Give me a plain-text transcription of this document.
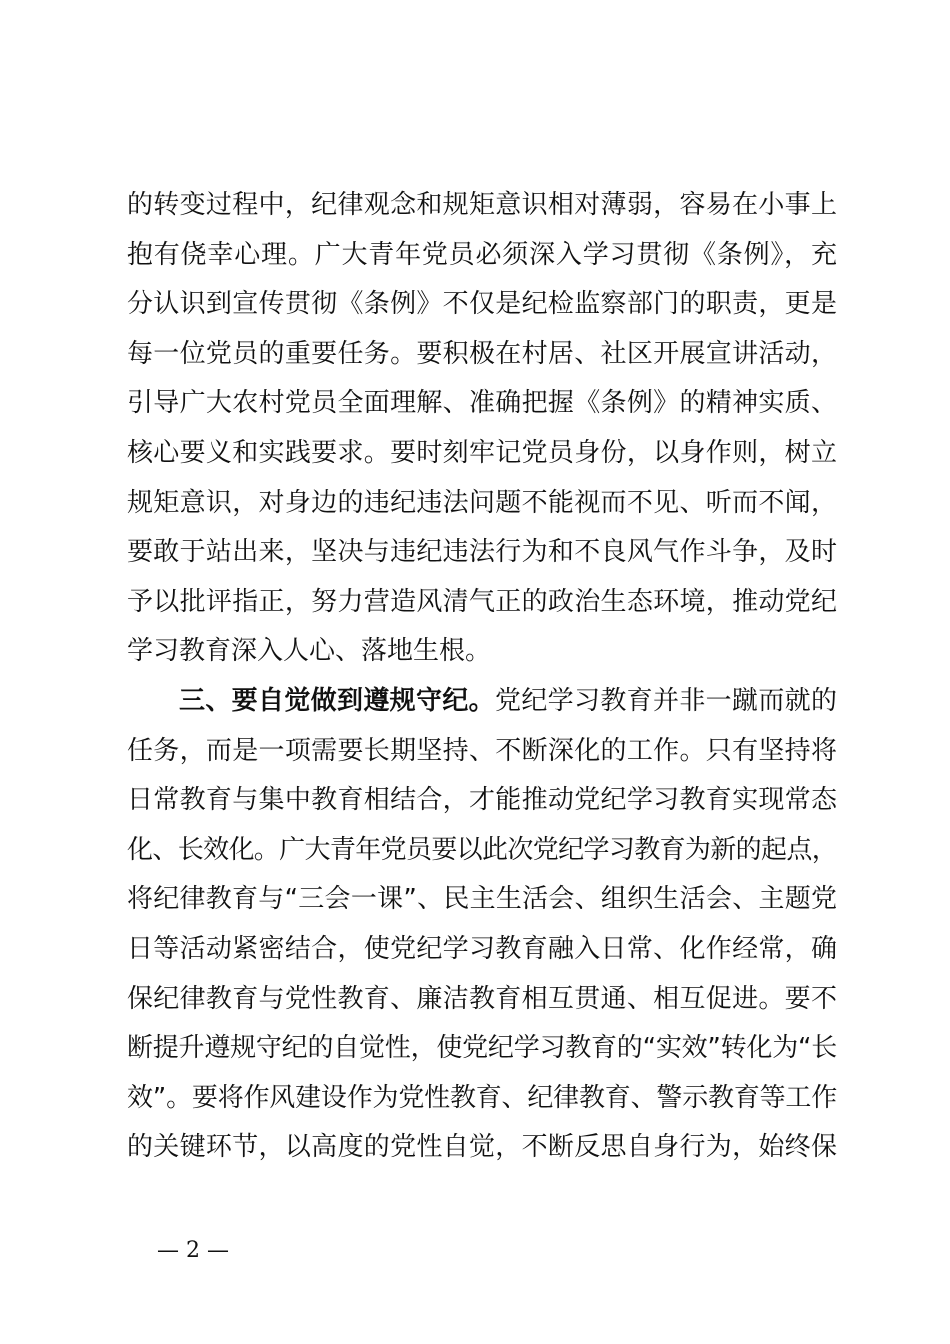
的转变过程中，纪律观念和规矩意识相对薄弱，容易在小事上
抱有侥幸心理。广大青年党员必须深入学习贯彻《条例》，充
分认识到宣传贯彻《条例》不仅是纪检监察部门的职责，更是
每一位党员的重要任务。要积极在村居、社区开展宣讲活动，
引导广大农村党员全面理解、准确把握《条例》的精神实质、
核心要义和实践要求。要时刻牢记党员身份，以身作则，树立
规矩意识，对身边的违纪违法问题不能视而不见、听而不闻，
要敢于站出来，坚决与违纪违法行为和不良风气作斗争，及时
予以批评指正，努力营造风清气正的政治生态环境，推动党纪
学习教育深入人心、落地生根。
三、要自觉做到遵规守纪。党纪学习教育并非一蹴而就的
任务，而是一项需要长期坚持、不断深化的工作。只有坚持将
日常教育与集中教育相结合，才能推动党纪学习教育实现常态
化、长效化。广大青年党员要以此次党纪学习教育为新的起点，
将纪律教育与“三会一课”、民主生活会、组织生活会、主题党
日等活动紧密结合，使党纪学习教育融入日常、化作经常，确
保纪律教育与党性教育、廉洁教育相互贯通、相互促进。要不
断提升遵规守纪的自觉性，使党纪学习教育的“实效”转化为“长
效”。要将作风建设作为党性教育、纪律教育、警示教育等工作
的关键环节，以高度的党性自觉，不断反思自身行为，始终保
— 2 —
